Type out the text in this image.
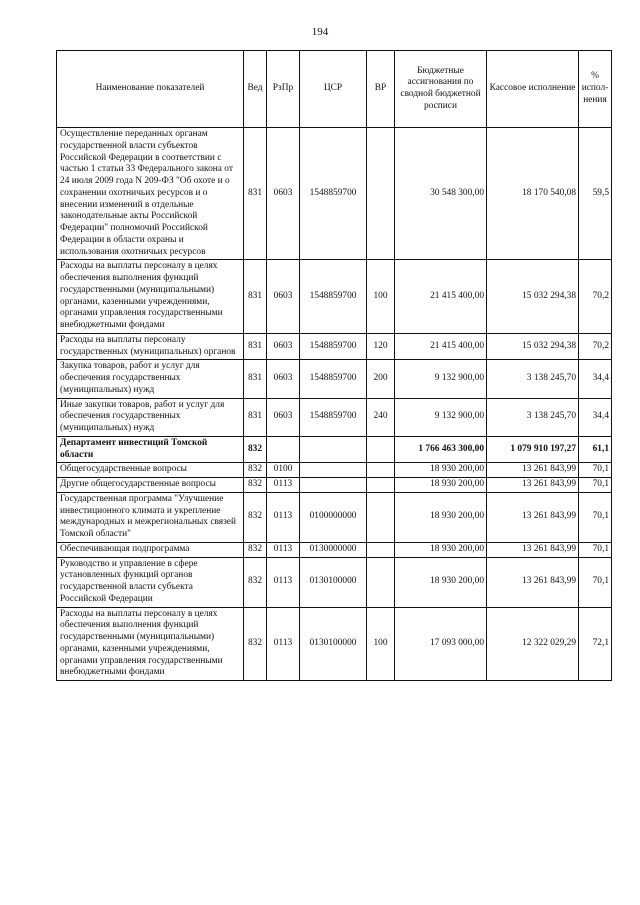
194
Наименование показателей	Вед	РзПр	ЦСР	ВР	Бюджетные ассигнования по сводной бюджетной росписи	Кассовое исполнение	% испол-нения
Осуществление переданных органам государственной власти субъектов Российской Федерации в соответствии с частью 1 статьи 33 Федерального закона от 24 июля 2009 года N 209-ФЗ "Об охоте и о сохранении охотничьих ресурсов и о внесении изменений в отдельные законодательные акты Российской Федерации" полномочий Российской Федерации в области охраны и использования охотничьих ресурсов	831	0603	1548859700		30 548 300,00	18 170 540,08	59,5
Расходы на выплаты персоналу в целях обеспечения выполнения функций государственными (муниципальными) органами, казенными учреждениями, органами управления государственными внебюджетными фондами	831	0603	1548859700	100	21 415 400,00	15 032 294,38	70,2
Расходы на выплаты персоналу государственных (муниципальных) органов	831	0603	1548859700	120	21 415 400,00	15 032 294,38	70,2
Закупка товаров, работ и услуг для обеспечения государственных (муниципальных) нужд	831	0603	1548859700	200	9 132 900,00	3 138 245,70	34,4
Иные закупки товаров, работ и услуг для обеспечения государственных (муниципальных) нужд	831	0603	1548859700	240	9 132 900,00	3 138 245,70	34,4
Департамент инвестиций Томской области	832				1 766 463 300,00	1 079 910 197,27	61,1
Общегосударственные вопросы	832	0100			18 930 200,00	13 261 843,99	70,1
Другие общегосударственные вопросы	832	0113			18 930 200,00	13 261 843,99	70,1
Государственная программа "Улучшение инвестиционного климата и укрепление международных и межрегиональных связей Томской области"	832	0113	0100000000		18 930 200,00	13 261 843,99	70,1
Обеспечивающая подпрограмма	832	0113	0130000000		18 930 200,00	13 261 843,99	70,1
Руководство и управление в сфере установленных функций органов государственной власти субъекта Российской Федерации	832	0113	0130100000		18 930 200,00	13 261 843,99	70,1
Расходы на выплаты персоналу в целях обеспечения выполнения функций государственными (муниципальными) органами, казенными учреждениями, органами управления государственными внебюджетными фондами	832	0113	0130100000	100	17 093 000,00	12 322 029,29	72,1
